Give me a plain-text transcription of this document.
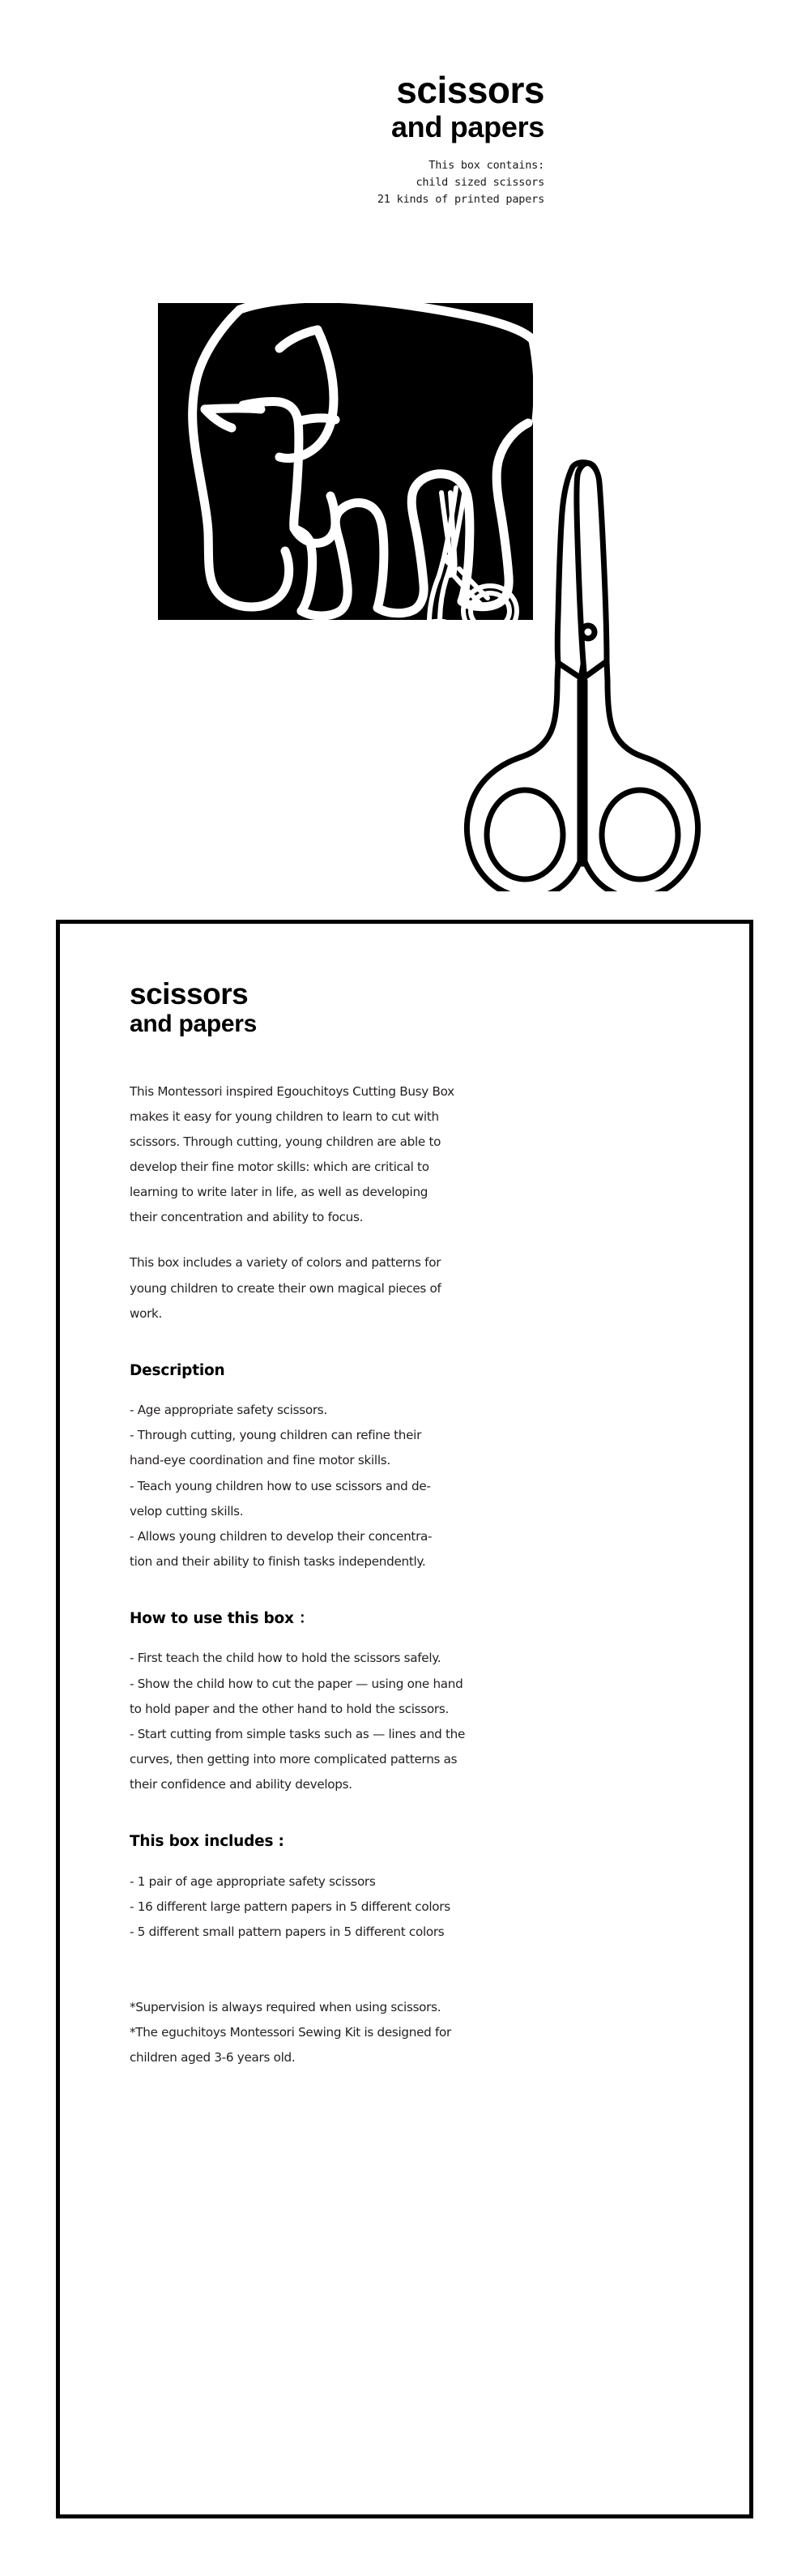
scissors
and papers
This box contains:
child sized scissors
21 kinds of printed papers
scissors
and papers
This Montessori inspired Egouchitoys Cutting Busy Box
makes it easy for young children to learn to cut with
scissors. Through cutting, young children are able to
develop their fine motor skills: which are critical to
learning to write later in life, as well as developing
their concentration and ability to focus.
This box includes a variety of colors and patterns for
young children to create their own magical pieces of
work.
Description
- Age appropriate safety scissors.
- Through cutting, young children can refine their
hand-eye coordination and fine motor skills.
- Teach young children how to use scissors and de-
velop cutting skills.
- Allows young children to develop their concentra-
tion and their ability to finish tasks independently.
How to use this box ：
- First teach the child how to hold the scissors safely.
- Show the child how to cut the paper — using one hand
to hold paper and the other hand to hold the scissors.
- Start cutting from simple tasks such as — lines and the
curves, then getting into more complicated patterns as
their confidence and ability develops.
This box includes :
- 1 pair of age appropriate safety scissors
- 16 different large pattern papers in 5 different colors
- 5 different small pattern papers in 5 different colors
*Supervision is always required when using scissors.
*The eguchitoys Montessori Sewing Kit is designed for
children aged 3-6 years old.
